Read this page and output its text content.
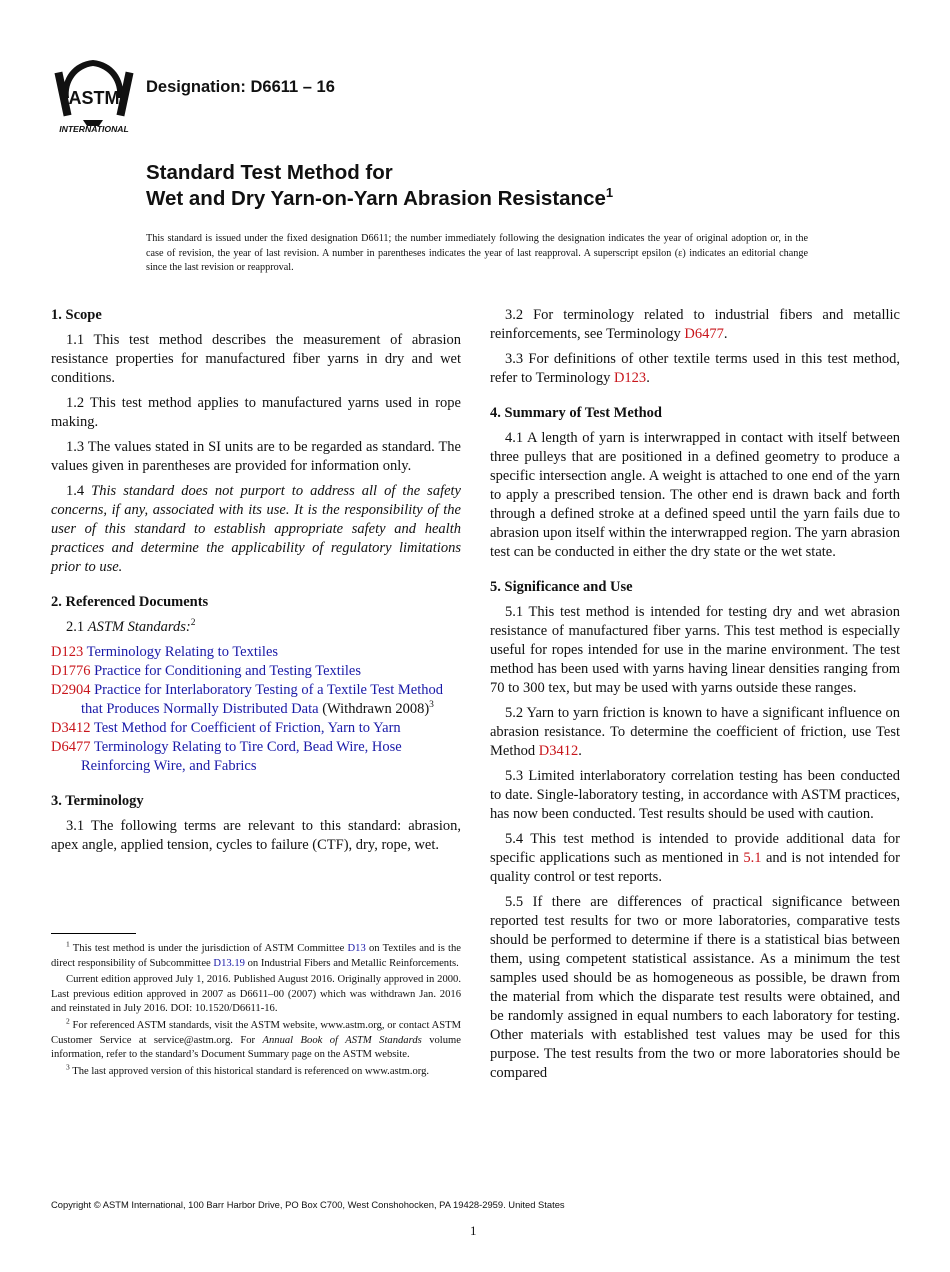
ASTM
INTERNATIONAL
Designation: D6611 – 16
Standard Test Method for
Wet and Dry Yarn-on-Yarn Abrasion Resistance$^1$
This standard is issued under the fixed designation D6611; the number immediately following the designation indicates the year of original adoption or, in the case of revision, the year of last revision. A number in parentheses indicates the year of last reapproval. A superscript epsilon (ε) indicates an editorial change since the last revision or reapproval.
1. Scope

1.1 This test method describes the measurement of abrasion resistance properties for manufactured fiber yarns in dry and wet conditions.

1.2 This test method applies to manufactured yarns used in rope making.

1.3 The values stated in SI units are to be regarded as standard. The values given in parentheses are provided for information only.

1.4 This standard does not purport to address all of the safety concerns, if any, associated with its use. It is the responsibility of the user of this standard to establish appropriate safety and health practices and determine the applicability of regulatory limitations prior to use.

2. Referenced Documents

2.1 ASTM Standards:$^2$

D123 Terminology Relating to Textiles
D1776 Practice for Conditioning and Testing Textiles
D2904 Practice for Interlaboratory Testing of a Textile Test Method that Produces Normally Distributed Data (Withdrawn 2008)$^3$
D3412 Test Method for Coefficient of Friction, Yarn to Yarn
D6477 Terminology Relating to Tire Cord, Bead Wire, Hose Reinforcing Wire, and Fabrics
3. Terminology

3.1 The following terms are relevant to this standard: abrasion, apex angle, applied tension, cycles to failure (CTF), dry, rope, wet.

3.2 For terminology related to industrial fibers and metallic reinforcements, see Terminology D6477.

3.3 For definitions of other textile terms used in this test method, refer to Terminology D123.

4. Summary of Test Method

4.1 A length of yarn is interwrapped in contact with itself between three pulleys that are positioned in a defined geometry to produce a specific intersection angle. A weight is attached to one end of the yarn to apply a prescribed tension. The other end is drawn back and forth through a defined stroke at a defined speed until the yarn fails due to abrasion upon itself within the interwrapped region. The yarn abrasion test can be conducted in either the dry state or the wet state.

5. Significance and Use

5.1 This test method is intended for testing dry and wet abrasion resistance of manufactured fiber yarns. This test method is especially useful for ropes intended for use in the marine environment. The test method has been used with yarns having linear densities ranging from 70 to 300 tex, but may be used with yarns outside these ranges.

5.2 Yarn to yarn friction is known to have a significant influence on abrasion resistance. To determine the coefficient of friction, use Test Method D3412.

5.3 Limited interlaboratory correlation testing has been conducted to date. Single-laboratory testing, in accordance with ASTM practices, has now been conducted. Test results should be used with caution.

5.4 This test method is intended to provide additional data for specific applications such as mentioned in 5.1 and is not intended for quality control or test reports.

5.5 If there are differences of practical significance between reported test results for two or more laboratories, comparative tests should be performed to determine if there is a statistical bias between them, using competent statistical assistance. As a minimum the test samples used should be as homogeneous as possible, be drawn from the material from which the disparate test results were obtained, and be randomly assigned in equal numbers to each laboratory for testing. Other materials with established test values may be used for this purpose. The test results from the two or more laboratories should be compared

$^1$ This test method is under the jurisdiction of ASTM Committee D13 on Textiles and is the direct responsibility of Subcommittee D13.19 on Industrial Fibers and Metallic Reinforcements.

Current edition approved July 1, 2016. Published August 2016. Originally approved in 2000. Last previous edition approved in 2007 as D6611–00 (2007) which was withdrawn Jan. 2016 and reinstated in July 2016. DOI: 10.1520/D6611-16.

$^2$ For referenced ASTM standards, visit the ASTM website, www.astm.org, or contact ASTM Customer Service at service@astm.org. For Annual Book of ASTM Standards volume information, refer to the standard’s Document Summary page on the ASTM website.

$^3$ The last approved version of this historical standard is referenced on www.astm.org.

Copyright © ASTM International, 100 Barr Harbor Drive, PO Box C700, West Conshohocken, PA 19428-2959. United States
1
